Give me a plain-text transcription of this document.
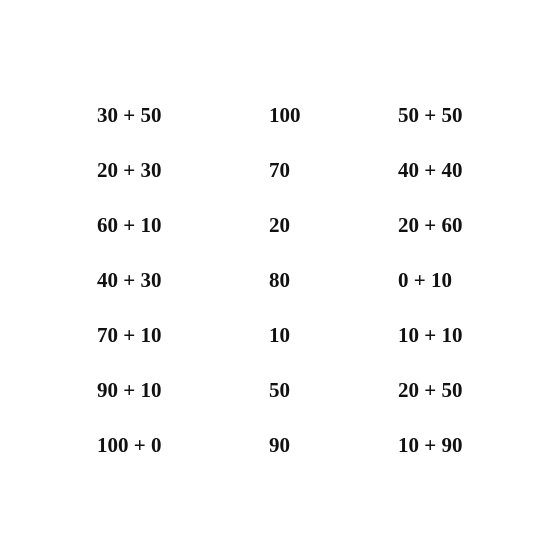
30 + 50
20 + 30
60 + 10
40 + 30
70 + 10
90 + 10
100 + 0
100
70
20
80
10
50
90
50 + 50
40 + 40
20 + 60
0 + 10
10 + 10
20 + 50
10 + 90
